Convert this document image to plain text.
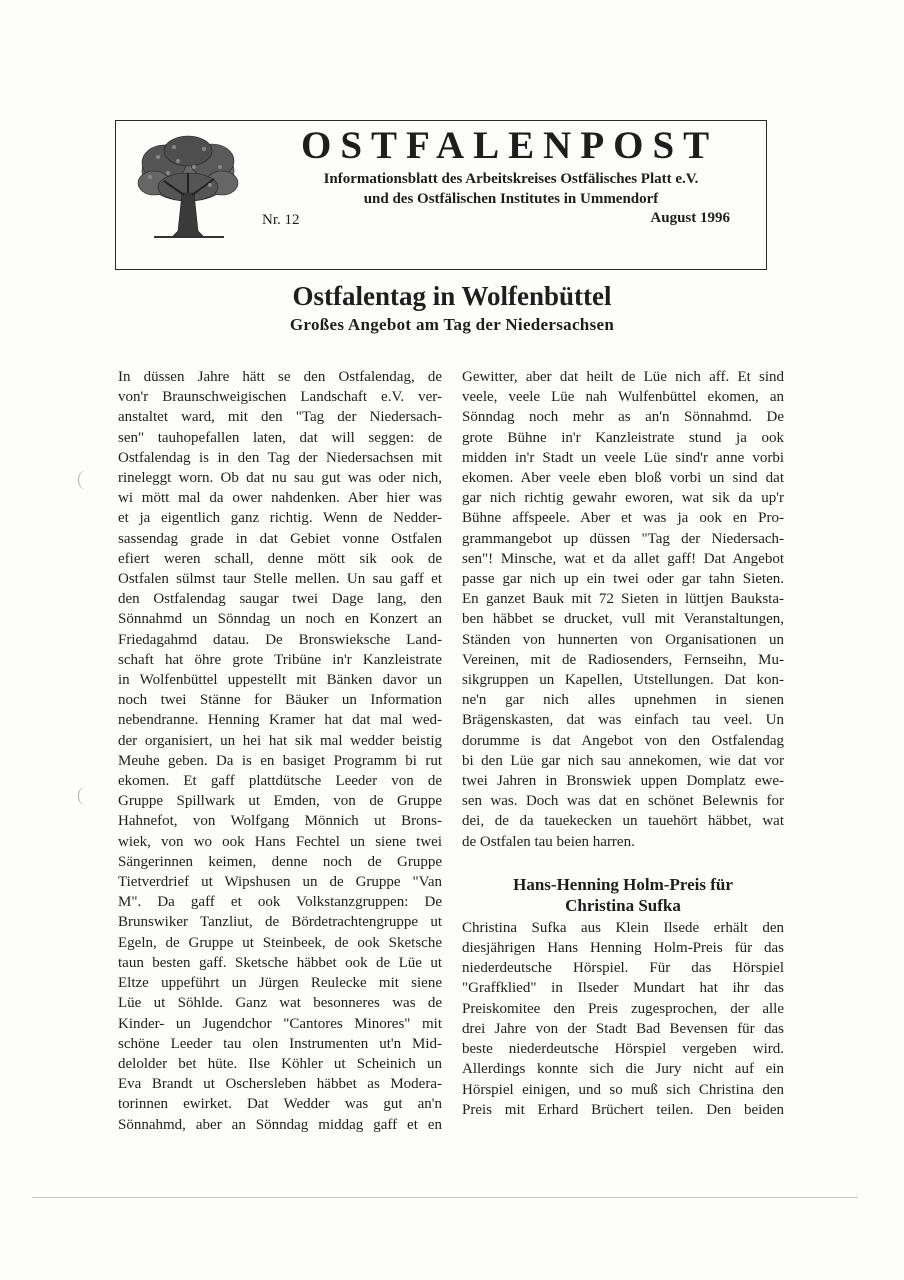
OSTFALENPOST
Informationsblatt des Arbeitskreises Ostfälisches Platt e.V.
und des Ostfälischen Institutes in Ummendorf
Nr. 12	August 1996
Ostfalentag in Wolfenbüttel
Großes Angebot am Tag der Niedersachsen
In düssen Jahre hätt se den Ostfalendag, de
von'r Braunschweigischen Landschaft e.V. ver-
anstaltet ward, mit den "Tag der Niedersach-
sen" tauhopefallen laten, dat will seggen: de
Ostfalendag is in den Tag der Niedersachsen mit
rineleggt worn. Ob dat nu sau gut was oder nich,
wi mött mal da ower nahdenken. Aber hier was
et ja eigentlich ganz richtig. Wenn de Nedder-
sassendag grade in dat Gebiet vonne Ostfalen
efiert weren schall, denne mött sik ook de
Ostfalen sülmst taur Stelle mellen. Un sau gaff et
den Ostfalendag saugar twei Dage lang, den
Sönnahmd un Sönndag un noch en Konzert an
Friedagahmd datau. De Bronswieksche Land-
schaft hat öhre grote Tribüne in'r Kanzleistrate
in Wolfenbüttel uppestellt mit Bänken davor un
noch twei Stänne for Bäuker un Information
nebendranne. Henning Kramer hat dat mal wed-
der organisiert, un hei hat sik mal wedder beistig
Meuhe geben. Da is en basiget Programm bi rut
ekomen. Et gaff plattdütsche Leeder von de
Gruppe Spillwark ut Emden, von de Gruppe
Hahnefot, von Wolfgang Mönnich ut Brons-
wiek, von wo ook Hans Fechtel un siene twei
Sängerinnen keimen, denne noch de Gruppe
Tietverdrief ut Wipshusen un de Gruppe "Van
M". Da gaff et ook Volkstanzgruppen: De
Brunswiker Tanzliut, de Bördetrachtengruppe ut
Egeln, de Gruppe ut Steinbeek, de ook Sketsche
taun besten gaff. Sketsche häbbet ook de Lüe ut
Eltze uppeführt un Jürgen Reulecke mit siene
Lüe ut Söhlde. Ganz wat besonneres was de
Kinder- un Jugendchor "Cantores Minores" mit
schöne Leeder tau olen Instrumenten ut'n Mid-
delolder bet hüte. Ilse Köhler ut Scheinich un
Eva Brandt ut Oschersleben häbbet as Modera-
torinnen ewirket. Dat Wedder was gut an'n
Sönnahmd, aber an Sönndag middag gaff et en
Gewitter, aber dat heilt de Lüe nich aff. Et sind
veele, veele Lüe nah Wulfenbüttel ekomen, an
Sönndag noch mehr as an'n Sönnahmd. De
grote Bühne in'r Kanzleistrate stund ja ook
midden in'r Stadt un veele Lüe sind'r anne vorbi
ekomen. Aber veele eben bloß vorbi un sind dat
gar nich richtig gewahr eworen, wat sik da up'r
Bühne affspeele. Aber et was ja ook en Pro-
grammangebot up düssen "Tag der Niedersach-
sen"! Minsche, wat et da allet gaff! Dat Angebot
passe gar nich up ein twei oder gar tahn Sieten.
En ganzet Bauk mit 72 Sieten in lüttjen Bauksta-
ben häbbet se drucket, vull mit Veranstaltungen,
Ständen von hunnerten von Organisationen un
Vereinen, mit de Radiosenders, Fernseihn, Mu-
sikgruppen un Kapellen, Utstellungen. Dat kon-
ne'n gar nich alles upnehmen in sienen
Brägenskasten, dat was einfach tau veel. Un
dorumme is dat Angebot von den Ostfalendag
bi den Lüe gar nich sau annekomen, wie dat vor
twei Jahren in Bronswiek uppen Domplatz ewe-
sen was. Doch was dat en schönet Belewnis for
dei, de da tauekecken un tauehört häbbet, wat
de Ostfalen tau beien harren.
Hans-Henning Holm-Preis für
Christina Sufka
Christina Sufka aus Klein Ilsede erhält den
diesjährigen Hans Henning Holm-Preis für das
niederdeutsche Hörspiel. Für das Hörspiel
"Graffklied" in Ilseder Mundart hat ihr das
Preiskomitee den Preis zugesprochen, der alle
drei Jahre von der Stadt Bad Bevensen für das
beste niederdeutsche Hörspiel vergeben wird.
Allerdings konnte sich die Jury nicht auf ein
Hörspiel einigen, und so muß sich Christina den
Preis mit Erhard Brüchert teilen. Den beiden
